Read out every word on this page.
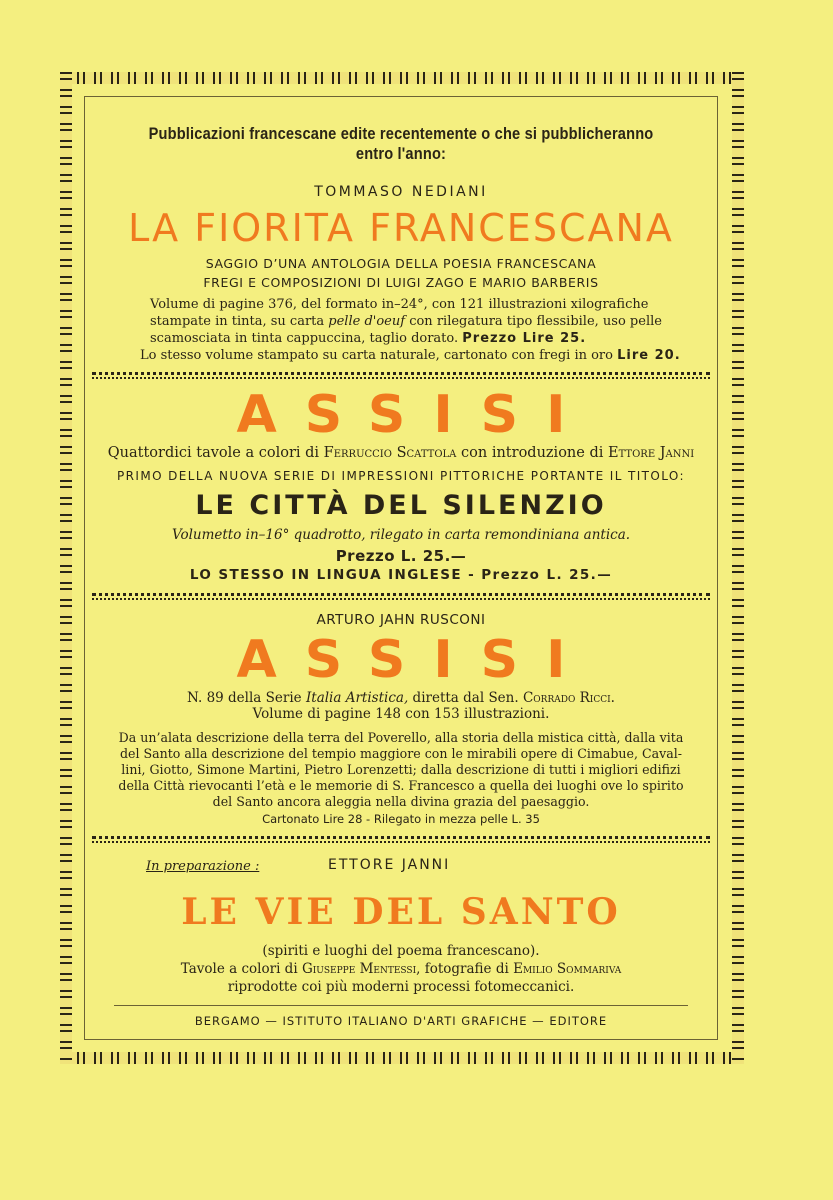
Pubblicazioni francescane edite recentemente o che si pubblicheranno entro l'anno:
TOMMASO NEDIANI
LA FIORITA FRANCESCANA
SAGGIO D’UNA ANTOLOGIA DELLA POESIA FRANCESCANA
FREGI E COMPOSIZIONI DI LUIGI ZAGO E MARIO BARBERIS
Volume di pagine 376, del formato in–24°, con 121 illustrazioni xilografiche
stampate in tinta, su carta pelle d'oeuf con rilegatura tipo flessibile, uso pelle
scamosciata in tinta cappuccina, taglio dorato. Prezzo Lire 25.
Lo stesso volume stampato su carta naturale, cartonato con fregi in oro Lire 20.
ASSISI
Quattordici tavole a colori di Ferruccio Scattola con introduzione di Ettore Janni
PRIMO DELLA NUOVA SERIE DI IMPRESSIONI PITTORICHE PORTANTE IL TITOLO:
LE CITTÀ DEL SILENZIO
Volumetto in–16° quadrotto, rilegato in carta remondiniana antica.
Prezzo L. 25.—
LO STESSO IN LINGUA INGLESE - Prezzo L. 25.—
ARTURO JAHN RUSCONI
ASSISI
N. 89 della Serie Italia Artistica, diretta dal Sen. Corrado Ricci.
Volume di pagine 148 con 153 illustrazioni.
Da un’alata descrizione della terra del Poverello, alla storia della mistica città, dalla vita
del Santo alla descrizione del tempio maggiore con le mirabili opere di Cimabue, Caval-
lini, Giotto, Simone Martini, Pietro Lorenzetti; dalla descrizione di tutti i migliori edifizi
della Città rievocanti l’età e le memorie di S. Francesco a quella dei luoghi ove lo spirito
del Santo ancora aleggia nella divina grazia del paesaggio.
Cartonato Lire 28 - Rilegato in mezza pelle L. 35
In preparazione :	ETTORE JANNI
LE VIE DEL SANTO
(spiriti e luoghi del poema francescano).
Tavole a colori di Giuseppe Mentessi, fotografie di Emilio Sommariva
riprodotte coi più moderni processi fotomeccanici.
BERGAMO — ISTITUTO ITALIANO D'ARTI GRAFICHE — EDITORE
